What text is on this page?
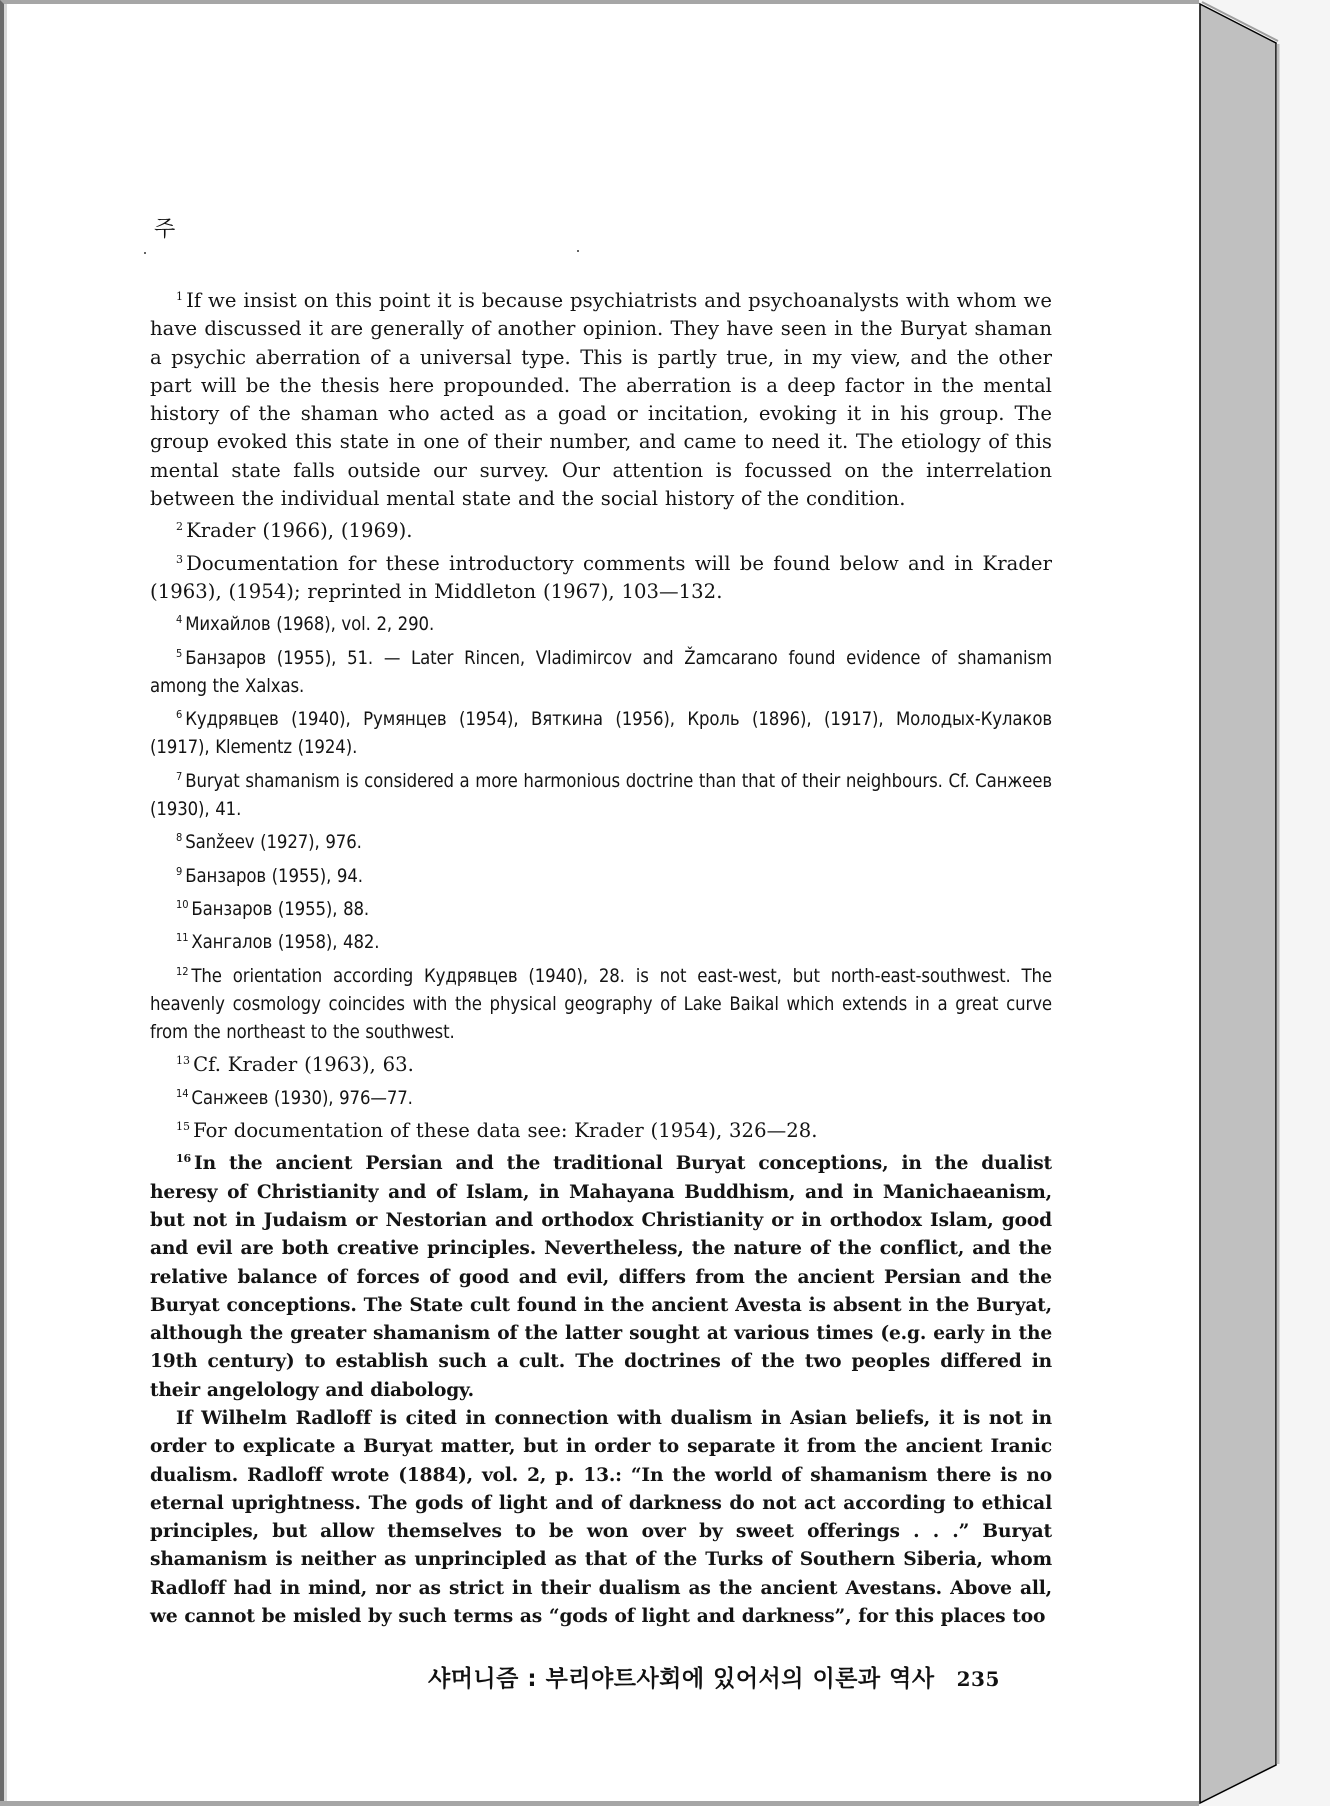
주

$^1$ If we insist on this point it is because psychiatrists and psychoanalysts with whom we have discussed it are generally of another opinion. They have seen in the Buryat shaman a psychic aberration of a universal type. This is partly true, in my view, and the other part will be the thesis here propounded. The aberration is a deep factor in the mental history of the shaman who acted as a goad or incitation, evoking it in his group. The group evoked this state in one of their number, and came to need it. The etiology of this mental state falls outside our survey. Our attention is focussed on the interrelation between the individual mental state and the social history of the condition.

$^2$ Krader (1966), (1969).

$^3$ Documentation for these introductory comments will be found below and in Krader (1963), (1954); reprinted in Middleton (1967), 103—132.

$^4$ Михайлов (1968), vol. 2, 290.

$^5$ Банзаров (1955), 51. — Later Rincen, Vladimircov and Žamcarano found evidence of shamanism among the Xalxas.

$^6$ Кудрявцев (1940), Румянцев (1954), Вяткина (1956), Кроль (1896), (1917), Молодых-Кулаков (1917), Klementz (1924).

$^7$ Buryat shamanism is considered a more harmonious doctrine than that of their neighbours. Cf. Санжеев (1930), 41.

$^8$ Sanžeev (1927), 976.

$^9$ Банзаров (1955), 94.

$^{10}$ Банзаров (1955), 88.

$^{11}$ Хангалов (1958), 482.

$^{12}$ The orientation according Кудрявцев (1940), 28. is not east-west, but north-east-southwest. The heavenly cosmology coincides with the physical geography of Lake Baikal which extends in a great curve from the northeast to the southwest.

$^{13}$ Cf. Krader (1963), 63.

$^{14}$ Санжеев (1930), 976—77.

$^{15}$ For documentation of these data see: Krader (1954), 326—28.

$^{16}$ In the ancient Persian and the traditional Buryat conceptions, in the dualist heresy of Christianity and of Islam, in Mahayana Buddhism, and in Manichaeanism, but not in Judaism or Nestorian and orthodox Christianity or in orthodox Islam, good and evil are both creative principles. Nevertheless, the nature of the conflict, and the relative balance of forces of good and evil, differs from the ancient Persian and the Buryat conceptions. The State cult found in the ancient Avesta is absent in the Buryat, although the greater shamanism of the latter sought at various times (e.g. early in the 19th century) to establish such a cult. The doctrines of the two peoples differed in their angelology and diabology.

If Wilhelm Radloff is cited in connection with dualism in Asian beliefs, it is not in order to explicate a Buryat matter, but in order to separate it from the ancient Iranic dualism. Radloff wrote (1884), vol. 2, p. 13.: “In the world of shamanism there is no eternal uprightness. The gods of light and of darkness do not act according to ethical principles, but allow themselves to be won over by sweet offerings . . .” Buryat shamanism is neither as unprincipled as that of the Turks of Southern Siberia, whom Radloff had in mind, nor as strict in their dualism as the ancient Avestans. Above all, we cannot be misled by such terms as “gods of light and darkness”, for this places too

샤머니즘 : 부리야트사회에 있어서의 이론과 역사 235
